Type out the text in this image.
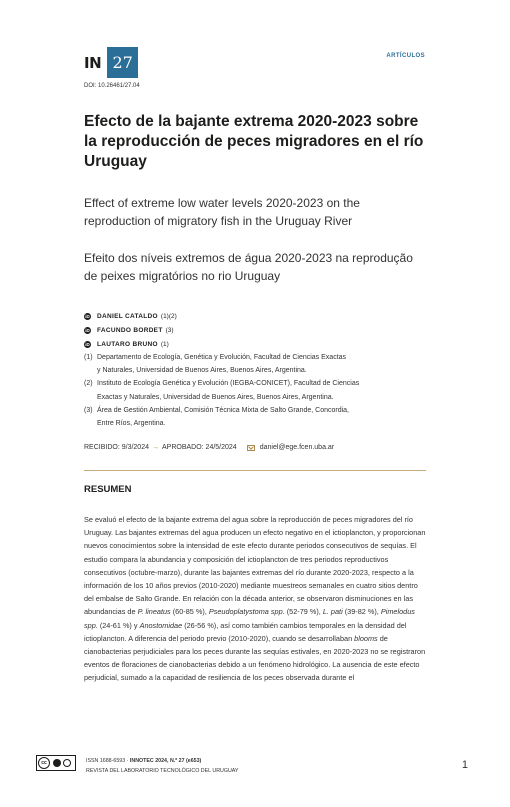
IN 27	ARTÍCULOS
DOI: 10.26461/27.04
Efecto de la bajante extrema 2020-2023 sobre la reproducción de peces migradores en el río Uruguay
Effect of extreme low water levels 2020-2023 on the reproduction of migratory fish in the Uruguay River
Efeito dos níveis extremos de água 2020-2023 na reprodução de peixes migratórios no rio Uruguay
iD DANIEL CATALDO (1)(2)
iD FACUNDO BORDET (3)
iD LAUTARO BRUNO (1)
(1) Departamento de Ecología, Genética y Evolución, Facultad de Ciencias Exactas
y Naturales, Universidad de Buenos Aires, Buenos Aires, Argentina.
(2) Instituto de Ecología Genética y Evolución (IEGBA-CONICET), Facultad de Ciencias
Exactas y Naturales, Universidad de Buenos Aires, Buenos Aires, Argentina.
(3) Área de Gestión Ambiental, Comisión Técnica Mixta de Salto Grande, Concordia,
Entre Ríos, Argentina.
RECIBIDO: 9/3/2024 → APROBADO: 24/5/2024	daniel@ege.fcen.uba.ar
RESUMEN

Se evaluó el efecto de la bajante extrema del agua sobre la reproducción de peces migradores del río Uruguay. Las bajantes extremas del agua producen un efecto negativo en el ictioplancton, y proporcionan nuevos conocimientos sobre la intensidad de este efecto durante periodos consecutivos de sequías. El estudio compara la abundancia y composición del ictioplancton de tres periodos reproductivos consecutivos (octubre-marzo), durante las bajantes extremas del río durante 2020-2023, respecto a la información de los 10 años previos (2010-2020) mediante muestreos semanales en cuatro sitios dentro del embalse de Salto Grande. En relación con la década anterior, se observaron disminuciones en las abundancias de P. lineatus (60-85 %), Pseudoplatystoma spp. (52-79 %), L. pati (39-82 %), Pimelodus spp. (24-61 %) y Anostomidae (26-56 %), así como también cambios temporales en la densidad del ictioplancton. A diferencia del periodo previo (2010-2020), cuando se desarrollaban blooms de cianobacterias perjudiciales para los peces durante las sequías estivales, en 2020-2023 no se registraron eventos de floraciones de cianobacterias debido a un fenómeno hidrológico. La ausencia de este efecto perjudicial, sumado a la capacidad de resiliencia de los peces observada durante el

cc	ISSN 1688-6593 · INNOTEC 2024, N.º 27 (e653)
REVISTA DEL LABORATORIO TECNOLÓGICO DEL URUGUAY	1
